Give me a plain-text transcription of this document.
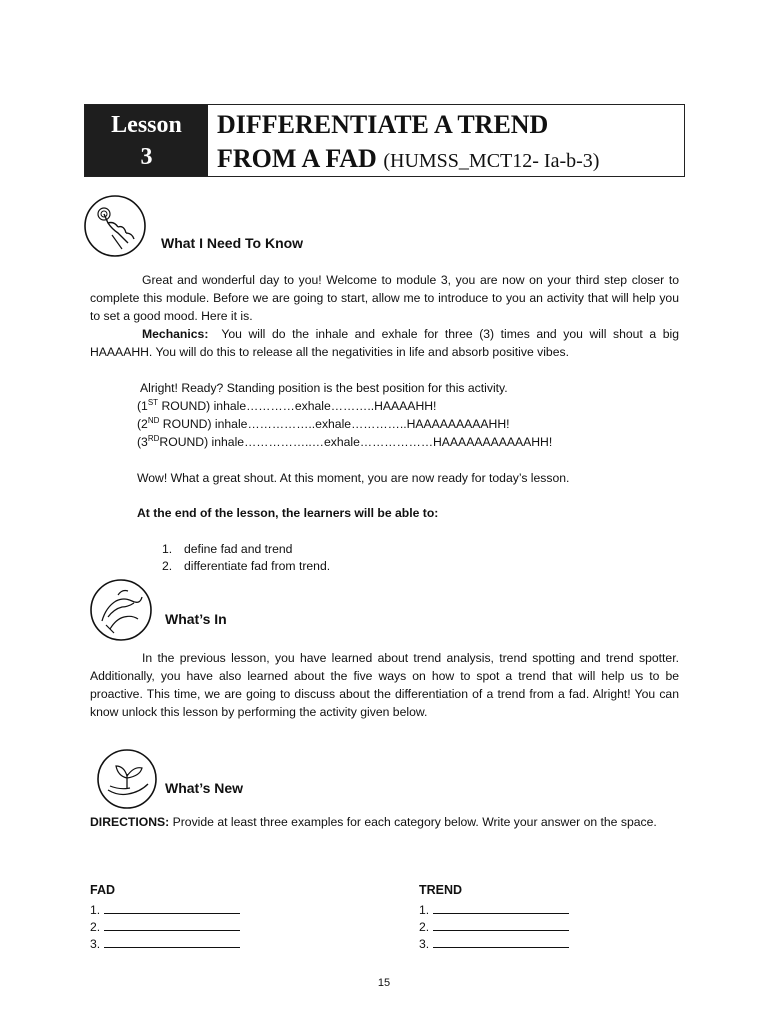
Lesson
3
DIFFERENTIATE A TREND
FROM A FAD (HUMSS_MCT12- Ia-b-3)
What I Need To Know
Great and wonderful day to you! Welcome to module 3, you are now on your third step closer to complete this module. Before we are going to start, allow me to introduce to you an activity that will help you to set a good mood. Here it is.
Mechanics: You will do the inhale and exhale for three (3) times and you will shout a big HAAAAHH. You will do this to release all the negativities in life and absorb positive vibes.
Alright! Ready? Standing position is the best position for this activity.
(1ST ROUND) inhale…………exhale………..HAAAAHH!
(2ND ROUND) inhale……………..exhale…………..HAAAAAAAAAHH!
(3RDROUND) inhale……………..…exhale………………HAAAAAAAAAAAHH!
Wow! What a great shout. At this moment, you are now ready for today’s lesson.
At the end of the lesson, the learners will be able to:
1. define fad and trend
2. differentiate fad from trend.
What’s In
In the previous lesson, you have learned about trend analysis, trend spotting and trend spotter. Additionally, you have also learned about the five ways on how to spot a trend that will help us to be proactive. This time, we are going to discuss about the differentiation of a trend from a fad. Alright! You can know unlock this lesson by performing the activity given below.
What’s New
DIRECTIONS: Provide at least three examples for each category below. Write your answer on the space.
FAD	TREND
1.
2.
3.
1.
2.
3.
15
